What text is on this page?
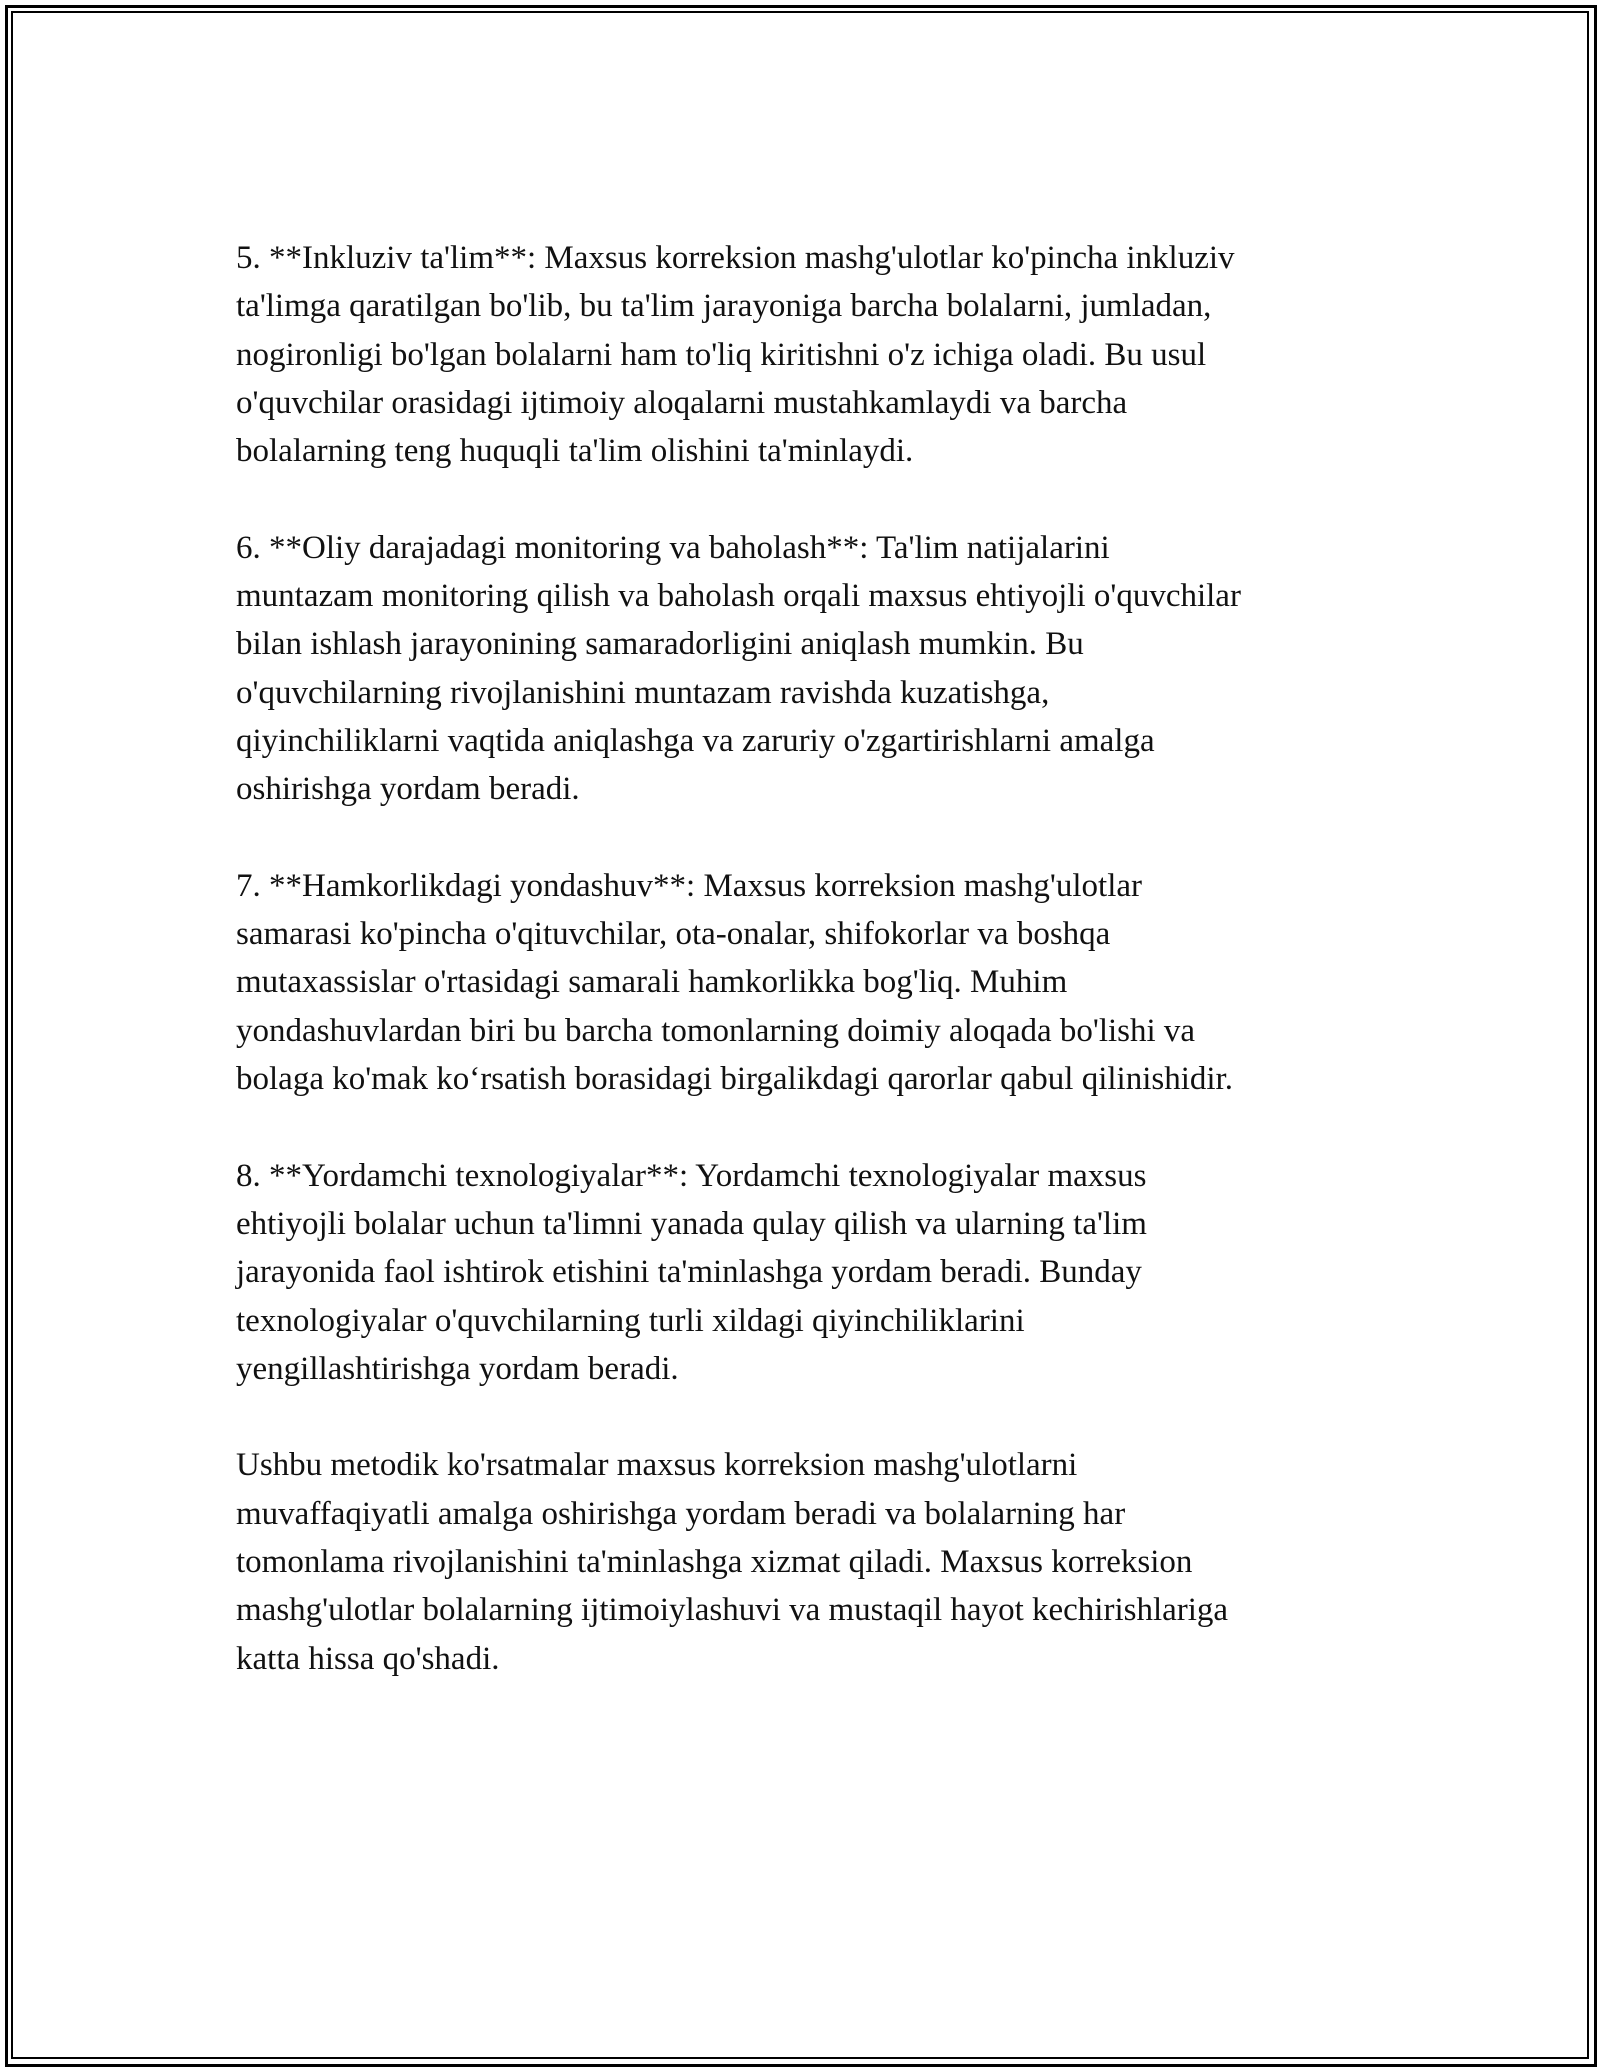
5. **Inkluziv ta'lim**: Maxsus korreksion mashg'ulotlar ko'pincha inkluziv
ta'limga qaratilgan bo'lib, bu ta'lim jarayoniga barcha bolalarni, jumladan,
nogironligi bo'lgan bolalarni ham to'liq kiritishni o'z ichiga oladi. Bu usul
o'quvchilar orasidagi ijtimoiy aloqalarni mustahkamlaydi va barcha
bolalarning teng huquqli ta'lim olishini ta'minlaydi.

6. **Oliy darajadagi monitoring va baholash**: Ta'lim natijalarini
muntazam monitoring qilish va baholash orqali maxsus ehtiyojli o'quvchilar
bilan ishlash jarayonining samaradorligini aniqlash mumkin. Bu
o'quvchilarning rivojlanishini muntazam ravishda kuzatishga,
qiyinchiliklarni vaqtida aniqlashga va zaruriy o'zgartirishlarni amalga
oshirishga yordam beradi.

7. **Hamkorlikdagi yondashuv**: Maxsus korreksion mashg'ulotlar
samarasi ko'pincha o'qituvchilar, ota-onalar, shifokorlar va boshqa
mutaxassislar o'rtasidagi samarali hamkorlikka bog'liq. Muhim
yondashuvlardan biri bu barcha tomonlarning doimiy aloqada bo'lishi va
bolaga ko'mak ko‘rsatish borasidagi birgalikdagi qarorlar qabul qilinishidir.

8. **Yordamchi texnologiyalar**: Yordamchi texnologiyalar maxsus
ehtiyojli bolalar uchun ta'limni yanada qulay qilish va ularning ta'lim
jarayonida faol ishtirok etishini ta'minlashga yordam beradi. Bunday
texnologiyalar o'quvchilarning turli xildagi qiyinchiliklarini
yengillashtirishga yordam beradi.

Ushbu metodik ko'rsatmalar maxsus korreksion mashg'ulotlarni
muvaffaqiyatli amalga oshirishga yordam beradi va bolalarning har
tomonlama rivojlanishini ta'minlashga xizmat qiladi. Maxsus korreksion
mashg'ulotlar bolalarning ijtimoiylashuvi va mustaqil hayot kechirishlariga
katta hissa qo'shadi.
